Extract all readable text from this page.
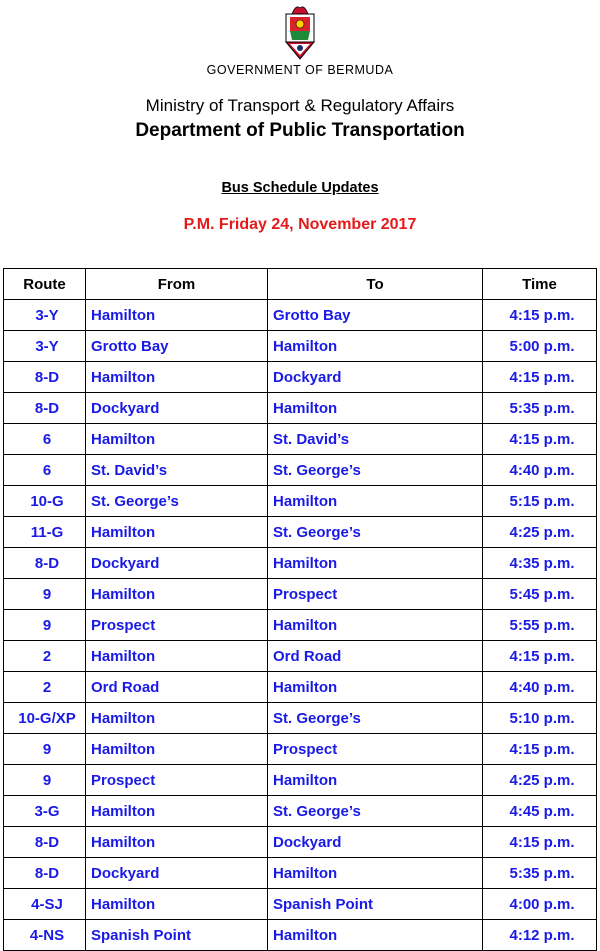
GOVERNMENT OF BERMUDA
Ministry of Transport & Regulatory Affairs
Department of Public Transportation
Bus Schedule Updates
P.M. Friday 24, November 2017
Route	From	To	Time
3-Y	Hamilton	Grotto Bay	4:15 p.m.
3-Y	Grotto Bay	Hamilton	5:00 p.m.
8-D	Hamilton	Dockyard	4:15 p.m.
8-D	Dockyard	Hamilton	5:35 p.m.
6	Hamilton	St. David’s	4:15 p.m.
6	St. David’s	St. George’s	4:40 p.m.
10-G	St. George’s	Hamilton	5:15 p.m.
11-G	Hamilton	St. George’s	4:25 p.m.
8-D	Dockyard	Hamilton	4:35 p.m.
9	Hamilton	Prospect	5:45 p.m.
9	Prospect	Hamilton	5:55 p.m.
2	Hamilton	Ord Road	4:15 p.m.
2	Ord Road	Hamilton	4:40 p.m.
10-G/XP	Hamilton	St. George’s	5:10 p.m.
9	Hamilton	Prospect	4:15 p.m.
9	Prospect	Hamilton	4:25 p.m.
3-G	Hamilton	St. George’s	4:45 p.m.
8-D	Hamilton	Dockyard	4:15 p.m.
8-D	Dockyard	Hamilton	5:35 p.m.
4-SJ	Hamilton	Spanish Point	4:00 p.m.
4-NS	Spanish Point	Hamilton	4:12 p.m.
